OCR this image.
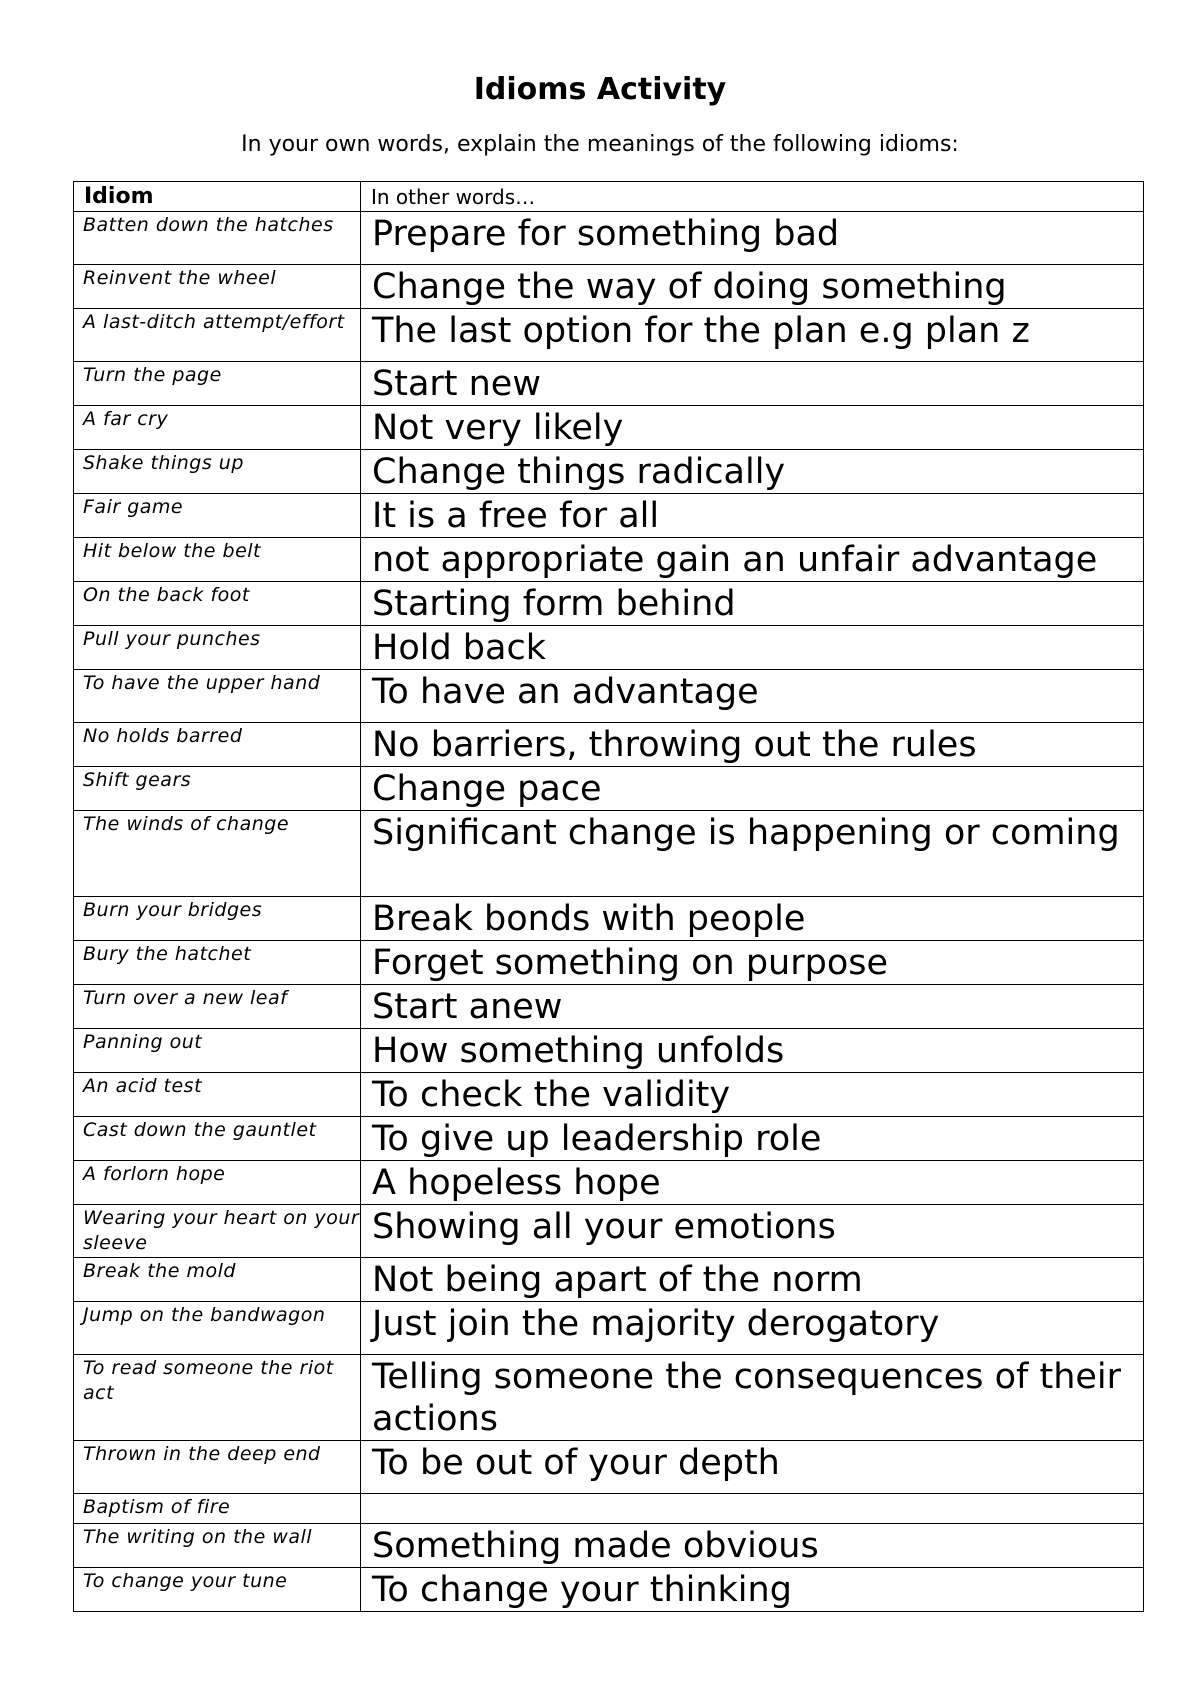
Idioms Activity
In your own words, explain the meanings of the following idioms:
Idiom	In other words…
Batten down the hatches	Prepare for something bad
Reinvent the wheel	Change the way of doing something
A last-ditch attempt/effort	The last option for the plan e.g plan z
Turn the page	Start new
A far cry	Not very likely
Shake things up	Change things radically
Fair game	It is a free for all
Hit below the belt	not appropriate gain an unfair advantage
On the back foot	Starting form behind
Pull your punches	Hold back
To have the upper hand	To have an advantage
No holds barred	No barriers, throwing out the rules
Shift gears	Change pace
The winds of change	Significant change is happening or coming
Burn your bridges	Break bonds with people
Bury the hatchet	Forget something on purpose
Turn over a new leaf	Start anew
Panning out	How something unfolds
An acid test	To check the validity
Cast down the gauntlet	To give up leadership role
A forlorn hope	A hopeless hope
Wearing your heart on your sleeve	Showing all your emotions
Break the mold	Not being apart of the norm
Jump on the bandwagon	Just join the majority derogatory
To read someone the riot act	Telling someone the consequences of their actions
Thrown in the deep end	To be out of your depth
Baptism of fire	
The writing on the wall	Something made obvious
To change your tune	To change your thinking
